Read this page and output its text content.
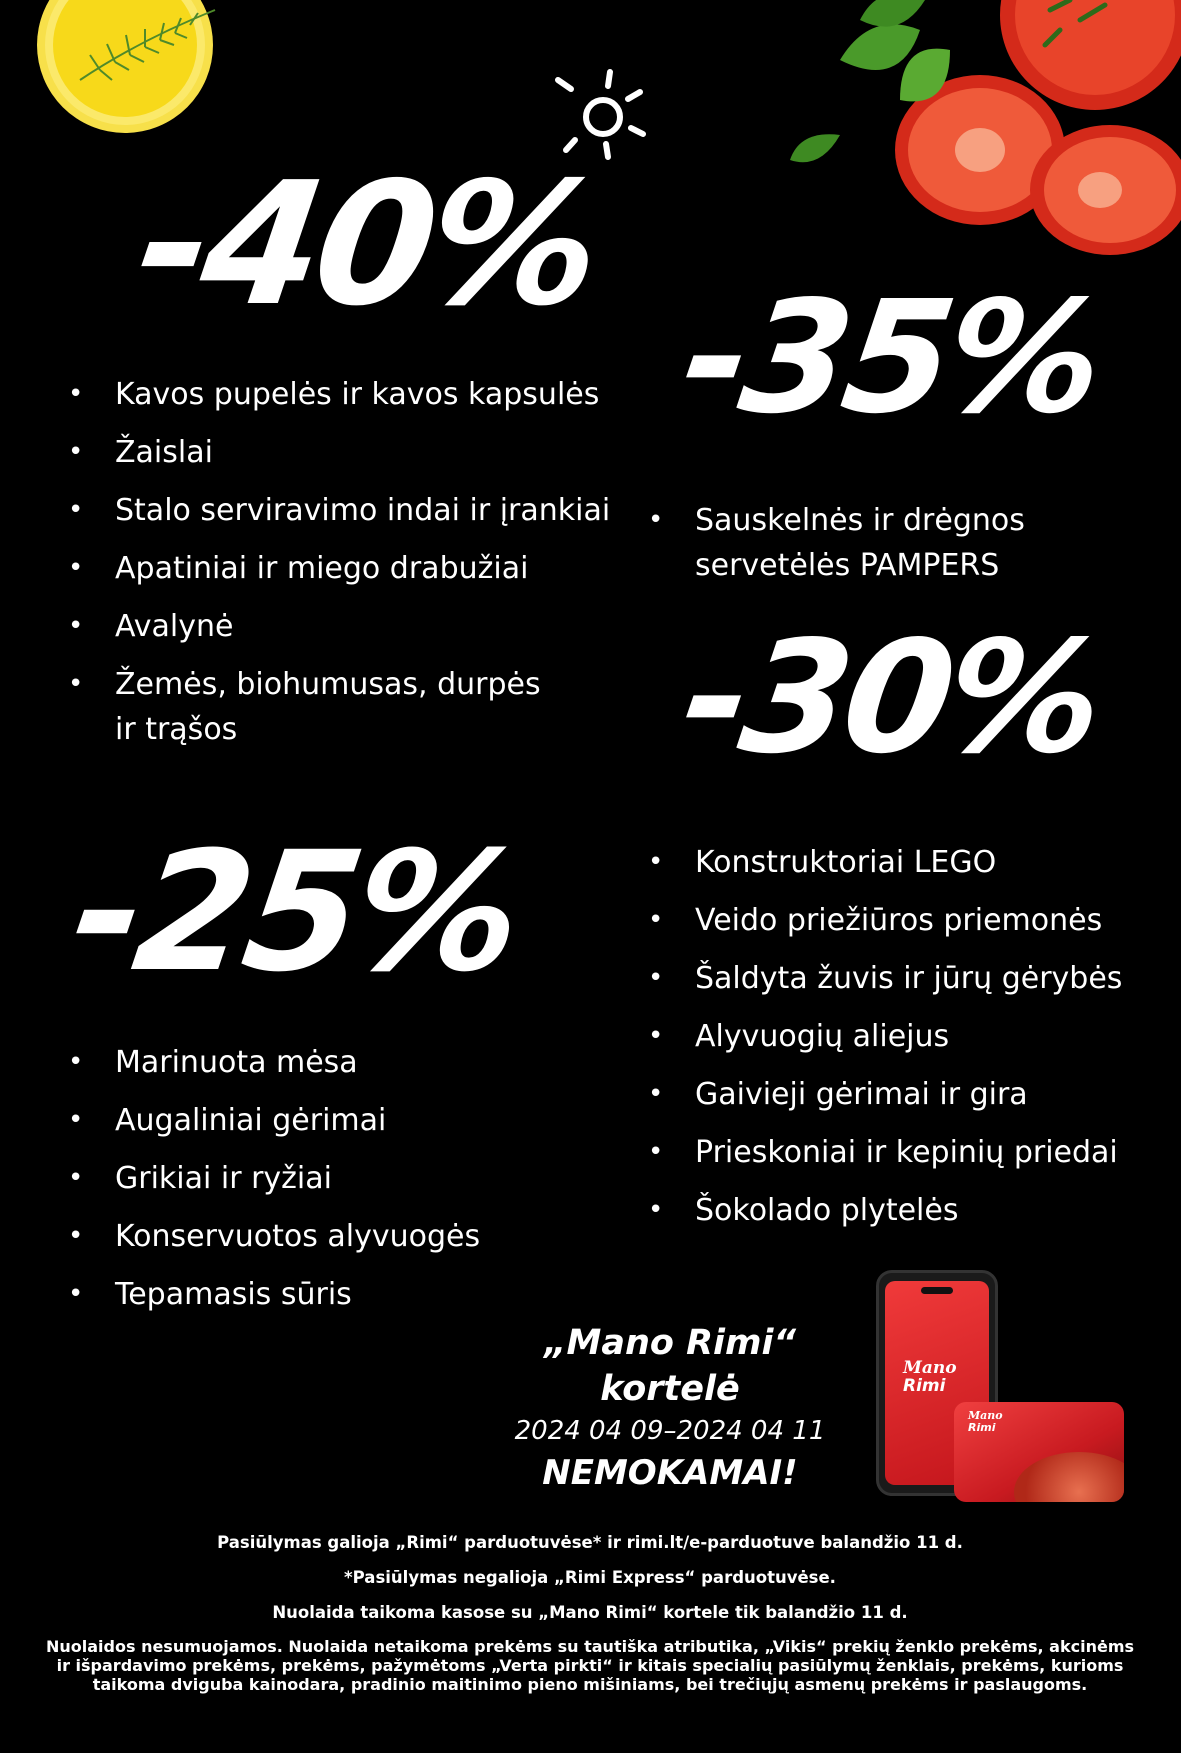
-40%
• Kavos pupelės ir kavos kapsulės
• Žaislai
• Stalo serviravimo indai ir įrankiai
• Apatiniai ir miego drabužiai
• Avalynė
• Žemės, biohumusas, durpės ir trąšos
-35%
• Sauskelnės ir drėgnos servetėlės PAMPERS
-30%
• Konstruktoriai LEGO
• Veido priežiūros priemonės
• Šaldyta žuvis ir jūrų gėrybės
• Alyvuogių aliejus
• Gaivieji gėrimai ir gira
• Prieskoniai ir kepinių priedai
• Šokolado plytelės
-25%
• Marinuota mėsa
• Augaliniai gėrimai
• Grikiai ir ryžiai
• Konservuotos alyvuogės
• Tepamasis sūris
„Mano Rimi“ kortelė
2024 04 09–2024 04 11
NEMOKAMAI!
Mano
Rimi
Mano
Rimi

Pasiūlymas galioja „Rimi“ parduotuvėse* ir rimi.lt/e-parduotuve balandžio 11 d.

*Pasiūlymas negalioja „Rimi Express“ parduotuvėse.

Nuolaida taikoma kasose su „Mano Rimi“ kortele tik balandžio 11 d.

Nuolaidos nesumuojamos. Nuolaida netaikoma prekėms su tautiška atributika, „Vikis“ prekių ženklo prekėms, akcinėms ir išpardavimo prekėms, prekėms, pažymėtoms „Verta pirkti“ ir kitais specialių pasiūlymų ženklais, prekėms, kurioms taikoma dviguba kainodara, pradinio maitinimo pieno mišiniams, bei trečiųjų asmenų prekėms ir paslaugoms.
